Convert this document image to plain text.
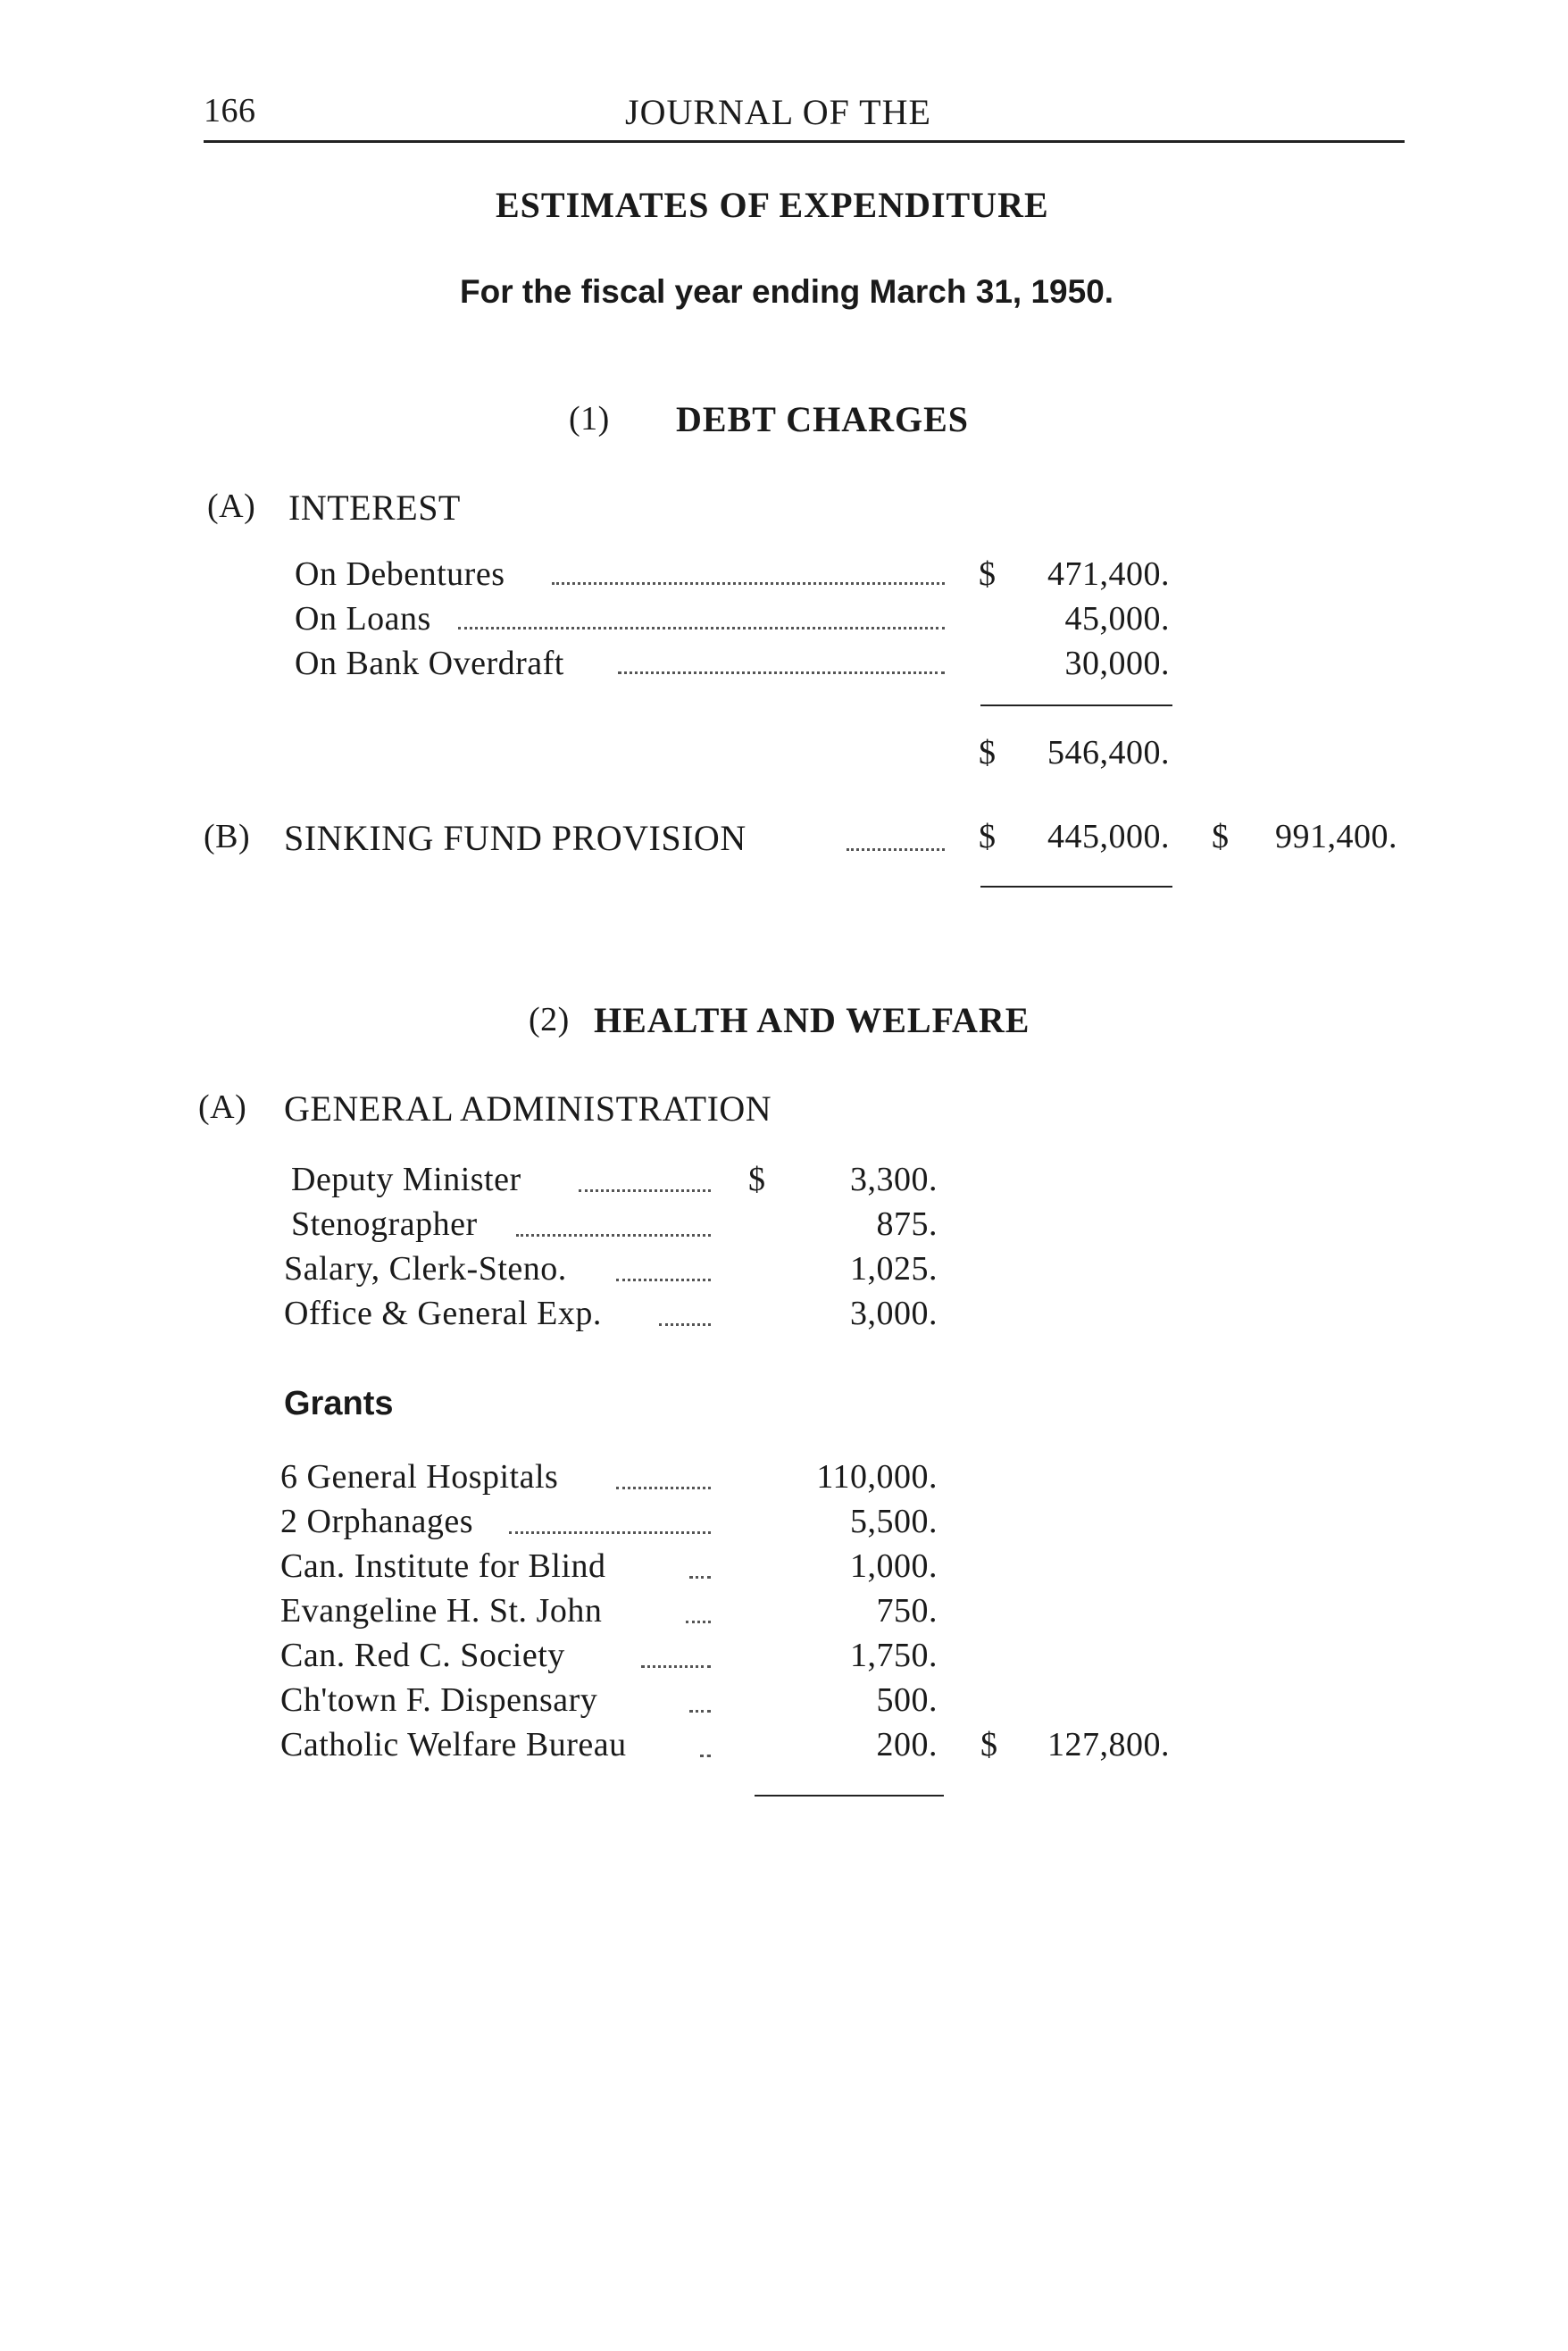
166	JOURNAL OF THE
ESTIMATES OF EXPENDITURE
For the fiscal year ending March 31, 1950.
(1) DEBT CHARGES
(A) INTEREST
On Debentures	$	471,400.
On Loans	45,000.
On Bank Overdraft	30,000.
$	546,400.
(B) SINKING FUND PROVISION	$	445,000. $	991,400.
(2) HEALTH AND WELFARE
(A) GENERAL ADMINISTRATION
Deputy Minister	$	3,300.
Stenographer	875.
Salary, Clerk-Steno.	1,025.
Office & General Exp.	3,000.
Grants
6 General Hospitals	110,000.
2 Orphanages	5,500.
Can. Institute for Blind	1,000.
Evangeline H. St. John	750.
Can. Red C. Society	1,750.
Ch'town F. Dispensary	500.
Catholic Welfare Bureau	200. $	127,800.
